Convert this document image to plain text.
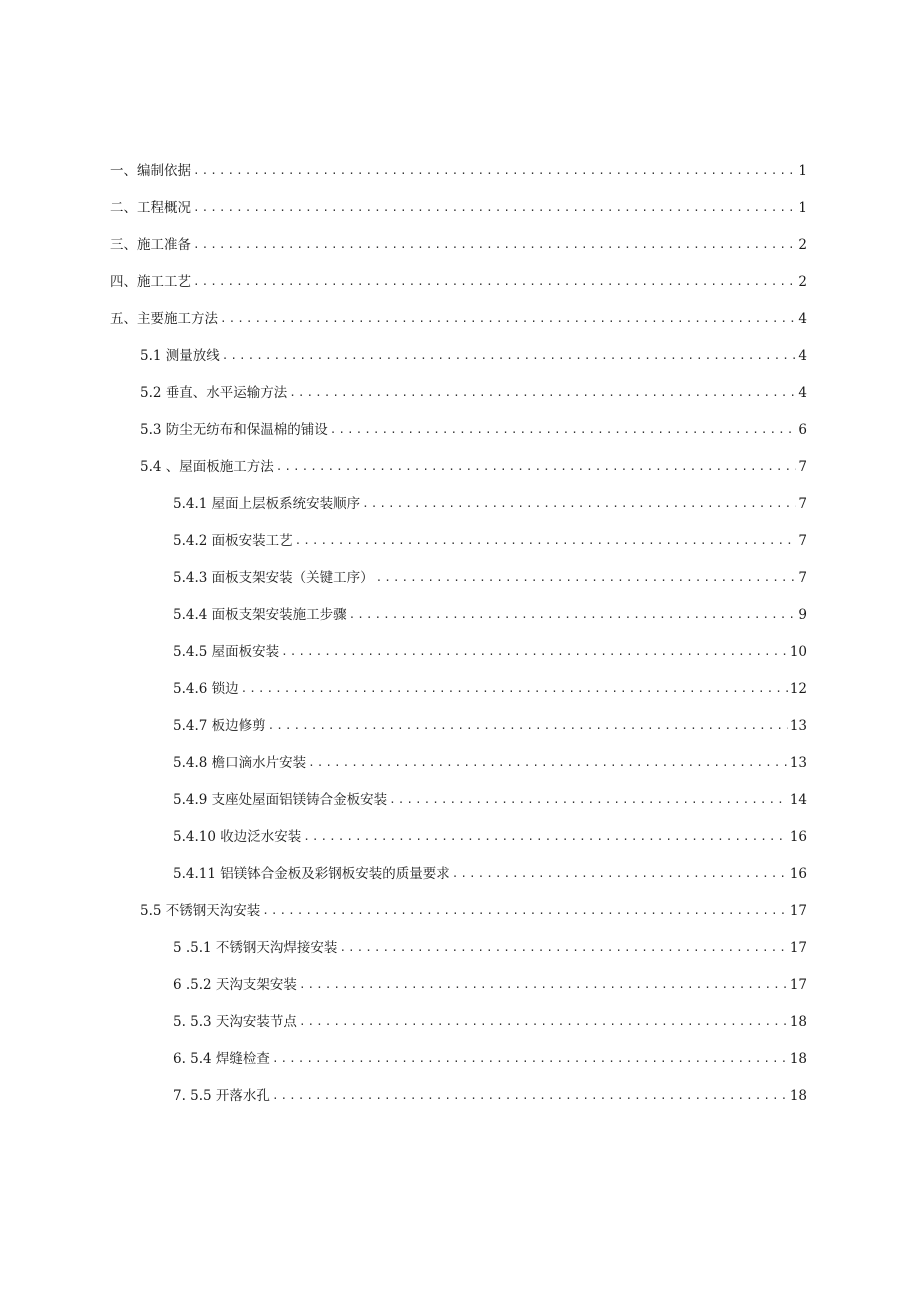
一、编制依据 .....	1
二、工程概况 .....	1
三、施工准备 .....	2
四、施工工艺 .....	2
五、主要施工方法 .....	4
5.1 测量放线 .....	4
5.2 垂直、水平运输方法 .....	4
5.3 防尘无纺布和保温棉的铺设 .....	6
5.4 、屋面板施工方法 .....	7
5.4.1 屋面上层板系统安装顺序 .....	7
5.4.2 面板安装工艺 .....	7
5.4.3 面板支架安装（关键工序） .....	7
5.4.4 面板支架安装施工步骤 .....	9
5.4.5 屋面板安装 .....	10
5.4.6 锁边 .....	12
5.4.7 板边修剪 .....	13
5.4.8 檐口滴水片安装 .....	13
5.4.9 支座处屋面铝镁铸合金板安装 .....	14
5.4.10 收边泛水安装 .....	16
5.4.11 铝镁钵合金板及彩钢板安装的质量要求 .....	16
5.5 不锈钢天沟安装 .....	17
5 .5.1 不锈钢天沟焊接安装 .....	17
6 .5.2 天沟支架安装 .....	17
5. 5.3 天沟安装节点 .....	18
6. 5.4 焊缝检查 .....	18
7. 5.5 开落水孔 .....	18
